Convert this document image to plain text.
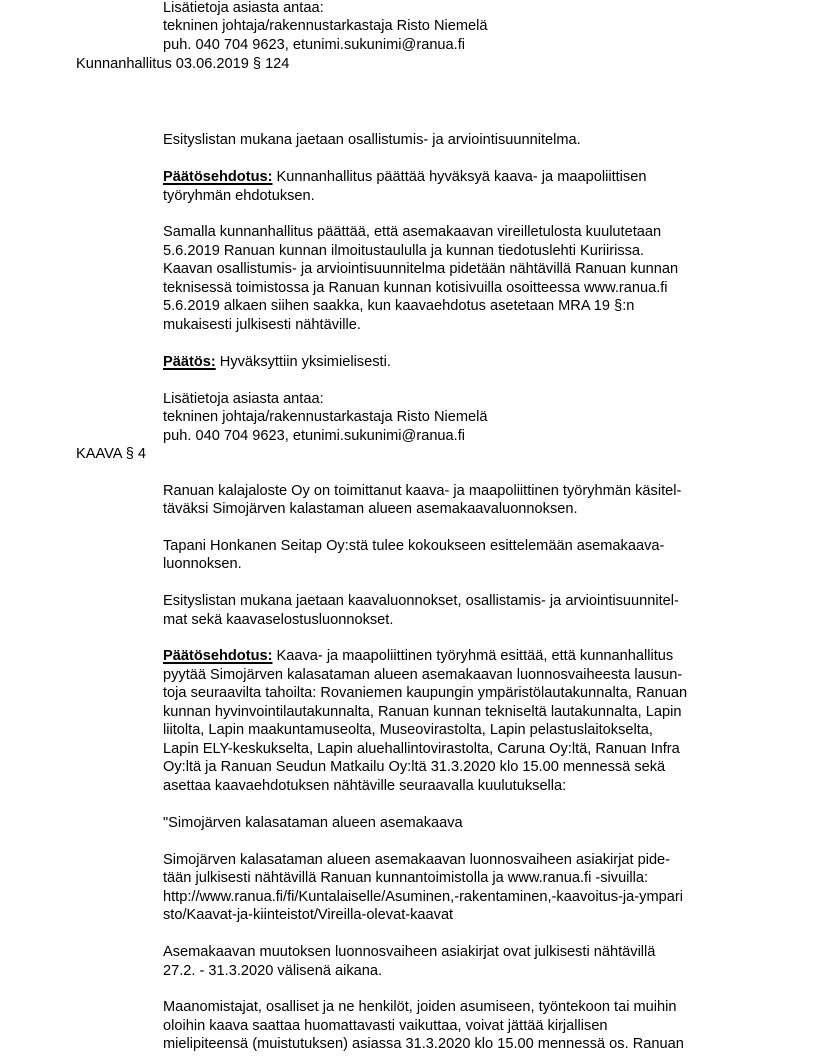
Lisätietoja asiasta antaa:
tekninen johtaja/rakennustarkastaja Risto Niemelä
puh. 040 704 9623, etunimi.sukunimi@ranua.fi
Kunnanhallitus 03.06.2019 § 124
Esityslistan mukana jaetaan osallistumis- ja arviointisuunnitelma.
Päätösehdotus: Kunnanhallitus päättää hyväksyä kaava- ja maapoliittisen
työryhmän ehdotuksen.
Samalla kunnanhallitus päättää, että asemakaavan vireilletulosta kuulutetaan
5.6.2019 Ranuan kunnan ilmoitustaululla ja kunnan tiedotuslehti Kuriirissa.
Kaavan osallistumis- ja arviointisuunnitelma pidetään nähtävillä Ranuan kunnan
teknisessä toimistossa ja Ranuan kunnan kotisivuilla osoitteessa www.ranua.fi
5.6.2019 alkaen siihen saakka, kun kaavaehdotus asetetaan MRA 19 §:n
mukaisesti julkisesti nähtäville.
Päätös: Hyväksyttiin yksimielisesti.
Lisätietoja asiasta antaa:
tekninen johtaja/rakennustarkastaja Risto Niemelä
puh. 040 704 9623, etunimi.sukunimi@ranua.fi
KAAVA § 4
Ranuan kalajaloste Oy on toimittanut kaava- ja maapoliittinen työryhmän käsitel-
täväksi Simojärven kalastaman alueen asemakaavaluonnoksen.
Tapani Honkanen Seitap Oy:stä tulee kokoukseen esittelemään asemakaava-
luonnoksen.
Esityslistan mukana jaetaan kaavaluonnokset, osallistamis- ja arviointisuunnitel-
mat sekä kaavaselostusluonnokset.
Päätösehdotus: Kaava- ja maapoliittinen työryhmä esittää, että kunnanhallitus
pyytää Simojärven kalasataman alueen asemakaavan luonnosvaiheesta lausun-
toja seuraavilta tahoilta: Rovaniemen kaupungin ympäristölautakunnalta, Ranuan
kunnan hyvinvointilautakunnalta, Ranuan kunnan tekniseltä lautakunnalta, Lapin
liitolta, Lapin maakuntamuseolta, Museovirastolta, Lapin pelastuslaitokselta,
Lapin ELY-keskukselta, Lapin aluehallintovirastolta, Caruna Oy:ltä, Ranuan Infra
Oy:ltä ja Ranuan Seudun Matkailu Oy:ltä 31.3.2020 klo 15.00 mennessä sekä
asettaa kaavaehdotuksen nähtäville seuraavalla kuulutuksella:
"Simojärven kalasataman alueen asemakaava
Simojärven kalasataman alueen asemakaavan luonnosvaiheen asiakirjat pide-
tään julkisesti nähtävillä Ranuan kunnantoimistolla ja www.ranua.fi -sivuilla:
http://www.ranua.fi/fi/Kuntalaiselle/Asuminen,-rakentaminen,-kaavoitus-ja-ympari
sto/Kaavat-ja-kiinteistot/Vireilla-olevat-kaavat
Asemakaavan muutoksen luonnosvaiheen asiakirjat ovat julkisesti nähtävillä
27.2. - 31.3.2020 välisenä aikana.
Maanomistajat, osalliset ja ne henkilöt, joiden asumiseen, työntekoon tai muihin
oloihin kaava saattaa huomattavasti vaikuttaa, voivat jättää kirjallisen
mielipiteensä (muistutuksen) asiassa 31.3.2020 klo 15.00 mennessä os. Ranuan
